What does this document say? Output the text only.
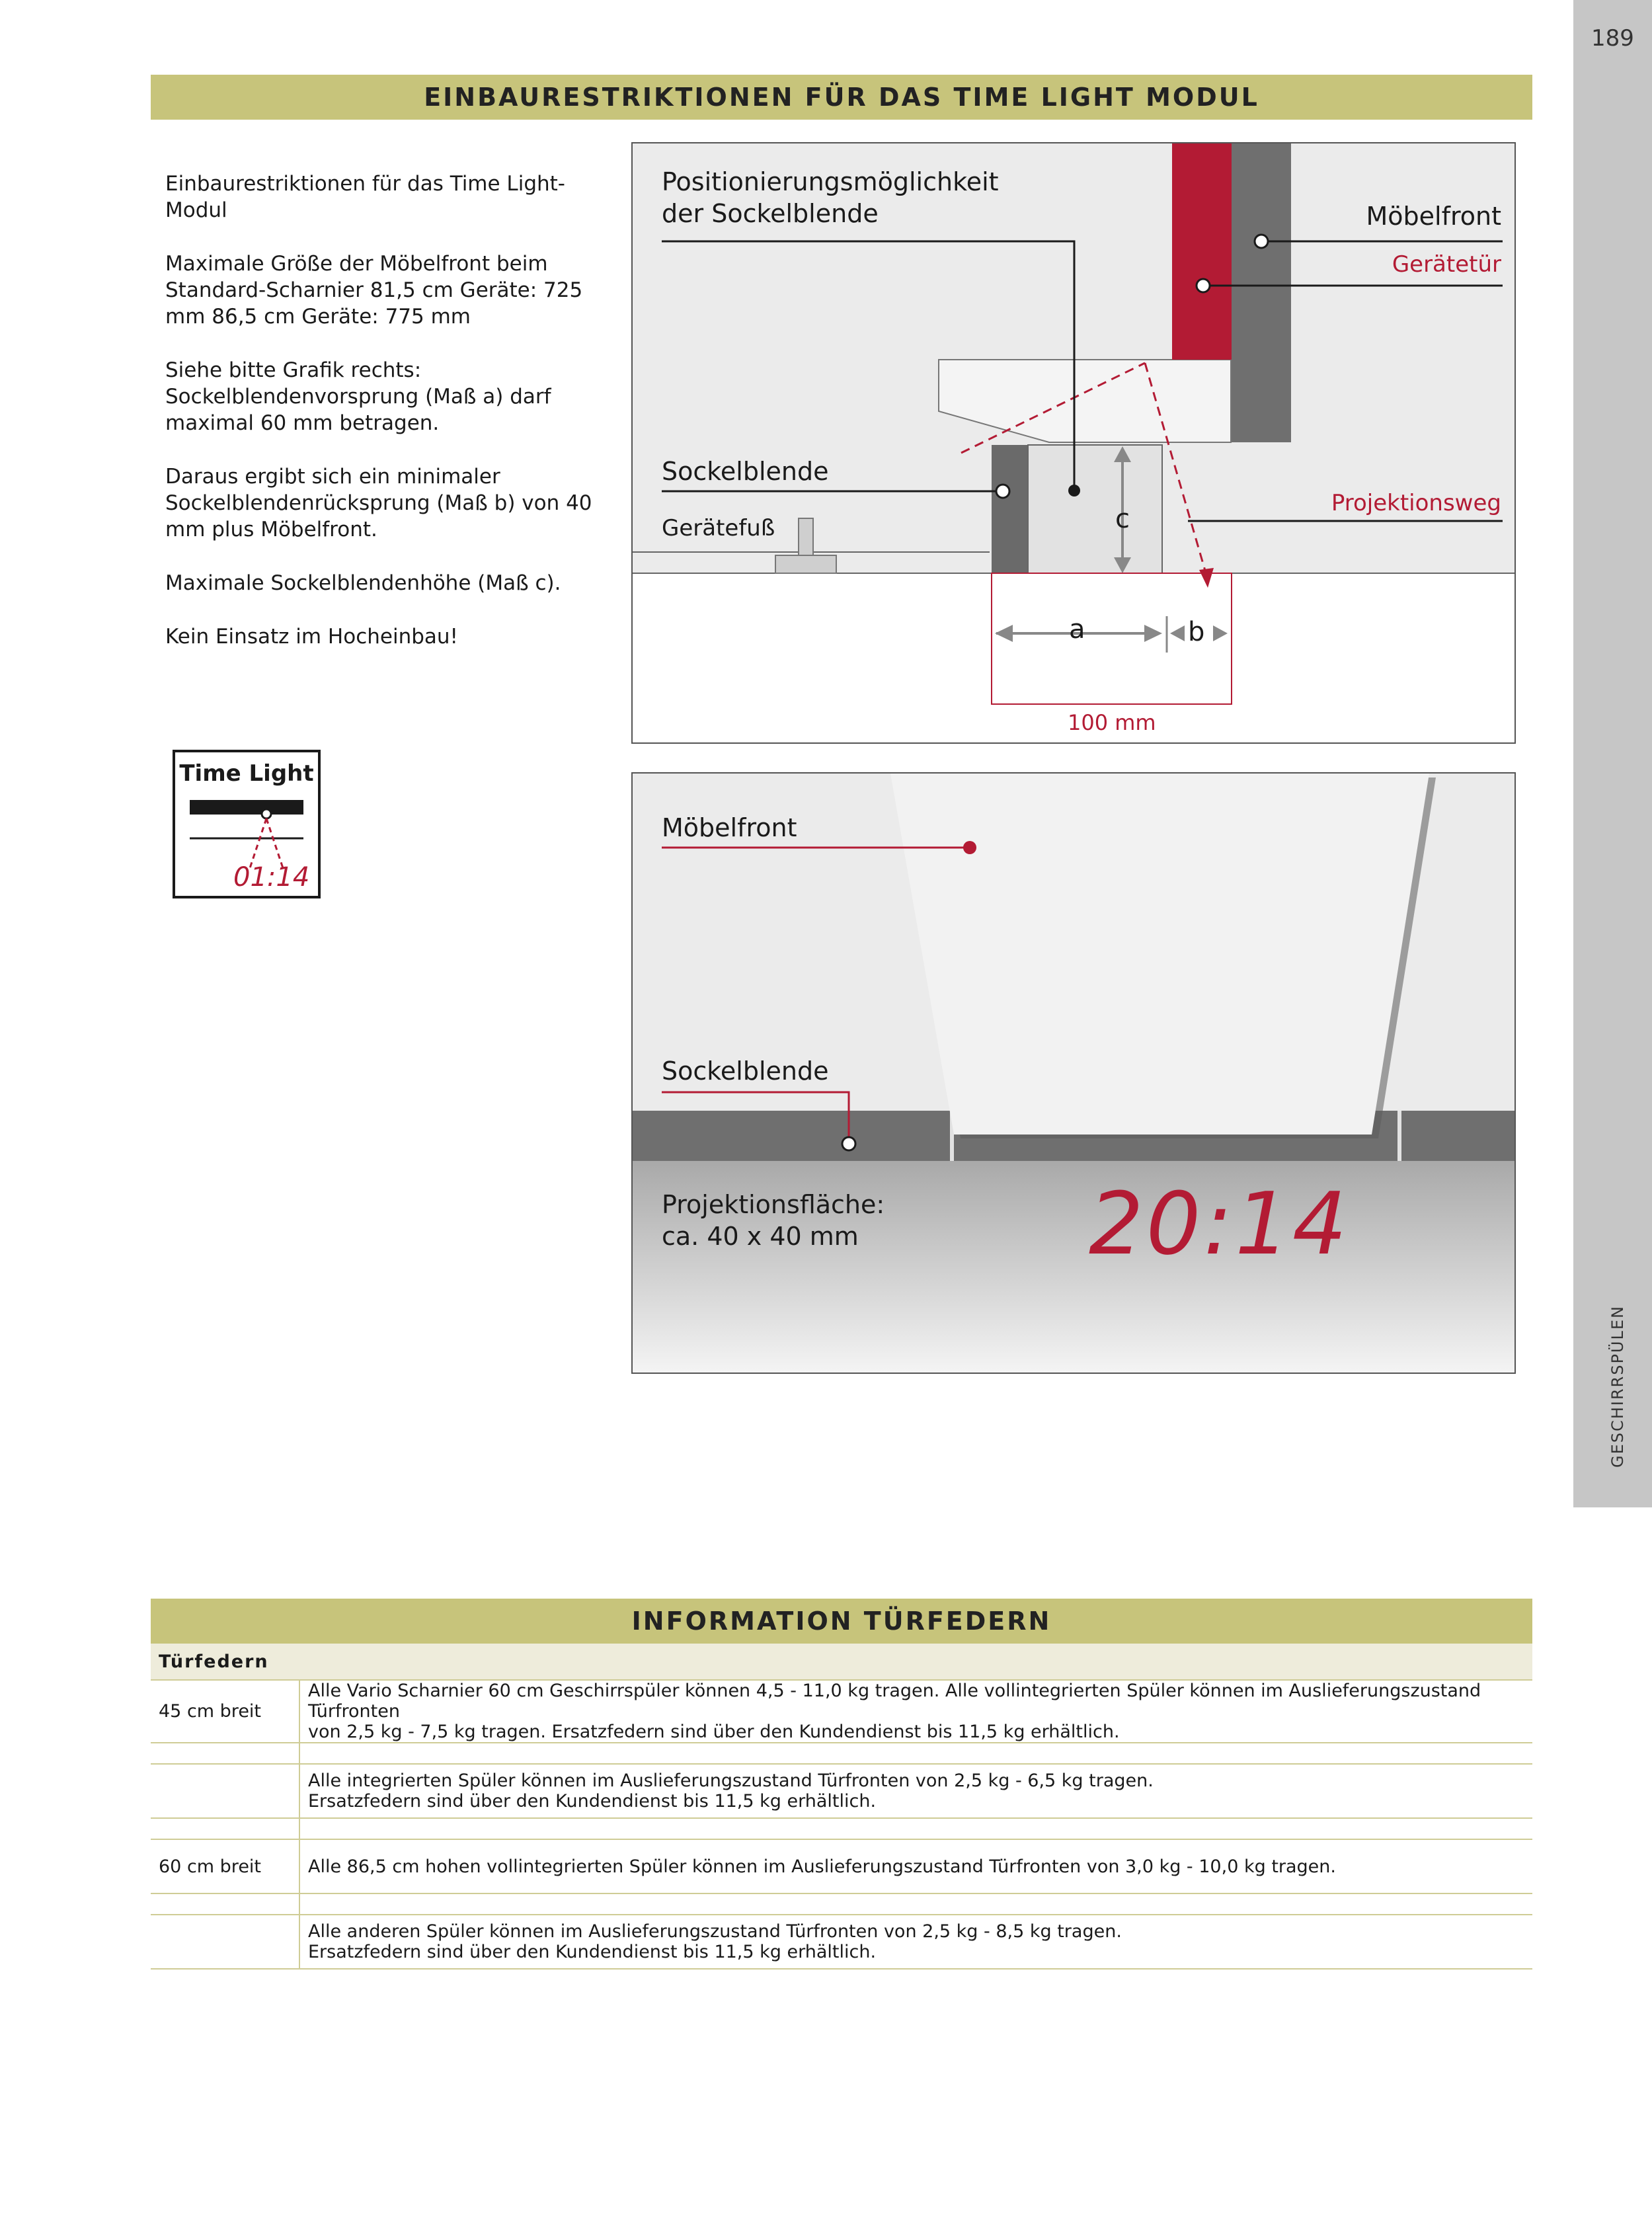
189
GESCHIRRSPÜLEN
EINBAURESTRIKTIONEN FÜR DAS TIME LIGHT MODUL

Einbaurestriktionen für das Time Light-Modul

Maximale Größe der Möbelfront beim Standard-Scharnier 81,5 cm Geräte: 725 mm 86,5 cm Geräte: 775 mm

Siehe bitte Grafik rechts: Sockelblendenvorsprung (Maß a) darf maximal 60 mm betragen.

Daraus ergibt sich ein minimaler Sockelblendenrücksprung (Maß b) von 40 mm plus Möbelfront.

Maximale Sockelblendenhöhe (Maß c).

Kein Einsatz im Hocheinbau!

Time Light
01:14
Positionierungsmöglichkeit
der Sockelblende	Möbelfront
Gerätetür
Sockelblende
Gerätefuß
Projektionsweg
c
a	b
100 mm
Möbelfront
Sockelblende
Projektionsfläche:
ca. 40 x 40 mm	20:14
INFORMATION TÜRFEDERN
Türfedern	
45 cm breit	Alle Vario Scharnier 60 cm Geschirrspüler können 4,5 - 11,0 kg tragen. Alle vollintegrierten Spüler können im Auslieferungszustand Türfronten
von 2,5 kg - 7,5 kg tragen. Ersatzfedern sind über den Kundendienst bis 11,5 kg erhältlich.

	Alle integrierten Spüler können im Auslieferungszustand Türfronten von 2,5 kg - 6,5 kg tragen.
Ersatzfedern sind über den Kundendienst bis 11,5 kg erhältlich.

60 cm breit	Alle 86,5 cm hohen vollintegrierten Spüler können im Auslieferungszustand Türfronten von 3,0 kg - 10,0 kg tragen.

	Alle anderen Spüler können im Auslieferungszustand Türfronten von 2,5 kg - 8,5 kg tragen.
Ersatzfedern sind über den Kundendienst bis 11,5 kg erhältlich.
